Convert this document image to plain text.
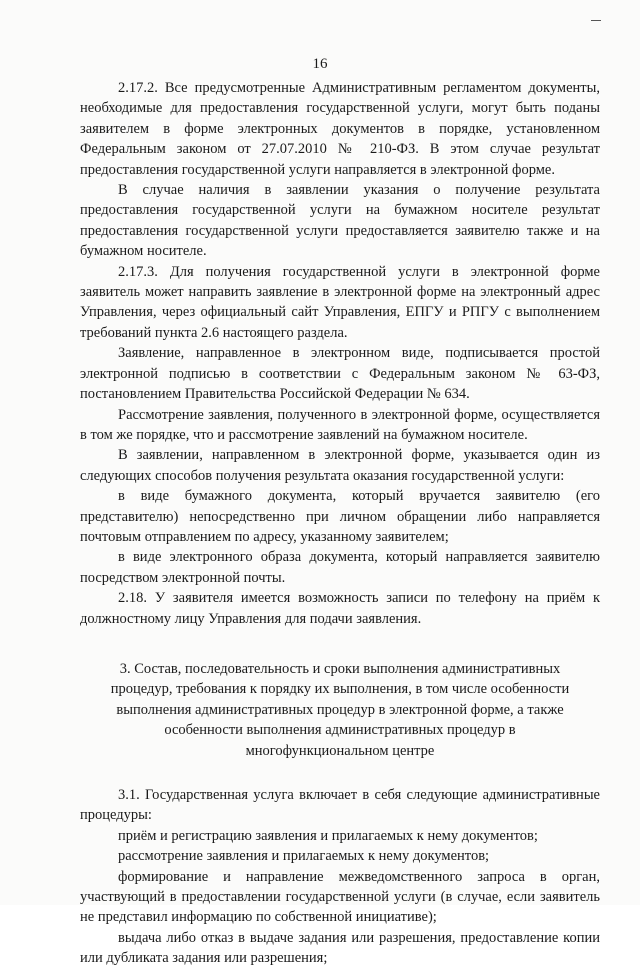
16

2.17.2. Все предусмотренные Административным регламентом документы, необходимые для предоставления государственной услуги, могут быть поданы заявителем в форме электронных документов в порядке, установленном Федеральным законом от 27.07.2010 № 210-ФЗ. В этом случае результат предоставления государственной услуги направляется в электронной форме.

В случае наличия в заявлении указания о получение результата предоставления государственной услуги на бумажном носителе результат предоставления государственной услуги предоставляется заявителю также и на бумажном носителе.

2.17.3. Для получения государственной услуги в электронной форме заявитель может направить заявление в электронной форме на электронный адрес Управления, через официальный сайт Управления, ЕПГУ и РПГУ с выполнением требований пункта 2.6 настоящего раздела.

Заявление, направленное в электронном виде, подписывается простой электронной подписью в соответствии с Федеральным законом № 63-ФЗ, постановлением Правительства Российской Федерации № 634.

Рассмотрение заявления, полученного в электронной форме, осуществляется в том же порядке, что и рассмотрение заявлений на бумажном носителе.

В заявлении, направленном в электронной форме, указывается один из следующих способов получения результата оказания государственной услуги:

в виде бумажного документа, который вручается заявителю (его представителю) непосредственно при личном обращении либо направляется почтовым отправлением по адресу, указанному заявителем;

в виде электронного образа документа, который направляется заявителю посредством электронной почты.

2.18. У заявителя имеется возможность записи по телефону на приём к должностному лицу Управления для подачи заявления.

3. Состав, последовательность и сроки выполнения административных процедур, требования к порядку их выполнения, в том числе особенности выполнения административных процедур в электронной форме, а также особенности выполнения административных процедур в многофункциональном центре

3.1. Государственная услуга включает в себя следующие административные процедуры:

приём и регистрацию заявления и прилагаемых к нему документов;

рассмотрение заявления и прилагаемых к нему документов;

формирование и направление межведомственного запроса в орган, участвующий в предоставлении государственной услуги (в случае, если заявитель не представил информацию по собственной инициативе);

выдача либо отказ в выдаче задания или разрешения, предоставление копии или дубликата задания или разрешения;
